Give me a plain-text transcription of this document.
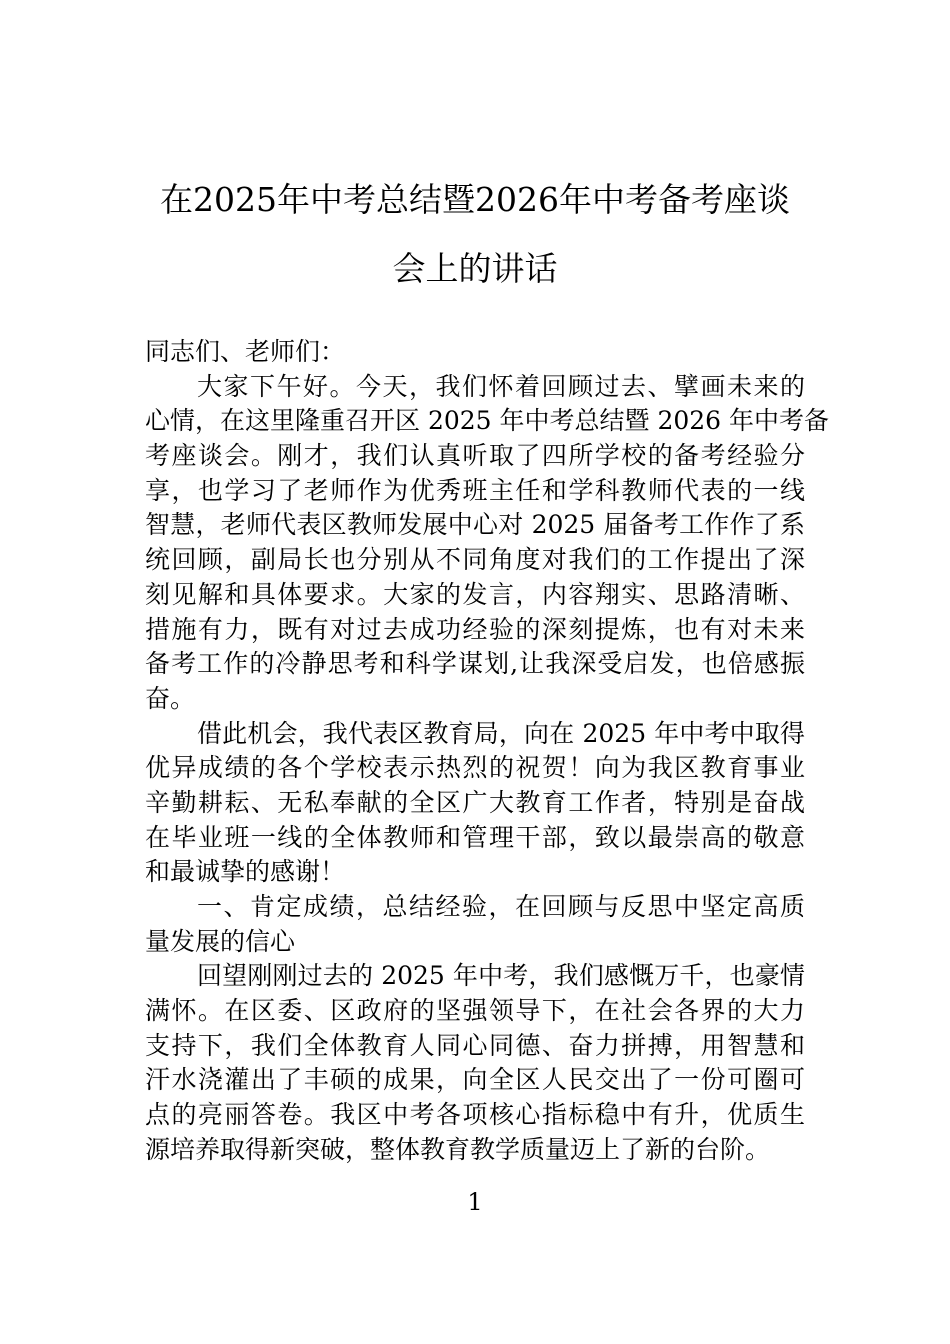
在2025年中考总结暨2026年中考备考座谈
会上的讲话
同志们、老师们：
大家下午好。今天，我们怀着回顾过去、擘画未来的
心情，在这里隆重召开区 2025 年中考总结暨 2026 年中考备
考座谈会。刚才，我们认真听取了四所学校的备考经验分
享，也学习了老师作为优秀班主任和学科教师代表的一线
智慧，老师代表区教师发展中心对 2025 届备考工作作了系
统回顾，副局长也分别从不同角度对我们的工作提出了深
刻见解和具体要求。大家的发言，内容翔实、思路清晰、
措施有力，既有对过去成功经验的深刻提炼，也有对未来
备考工作的冷静思考和科学谋划,让我深受启发，也倍感振
奋。
借此机会，我代表区教育局，向在 2025 年中考中取得
优异成绩的各个学校表示热烈的祝贺！向为我区教育事业
辛勤耕耘、无私奉献的全区广大教育工作者，特别是奋战
在毕业班一线的全体教师和管理干部，致以最崇高的敬意
和最诚挚的感谢！
一、肯定成绩，总结经验，在回顾与反思中坚定高质
量发展的信心
回望刚刚过去的 2025 年中考，我们感慨万千，也豪情
满怀。在区委、区政府的坚强领导下，在社会各界的大力
支持下，我们全体教育人同心同德、奋力拼搏，用智慧和
汗水浇灌出了丰硕的成果，向全区人民交出了一份可圈可
点的亮丽答卷。我区中考各项核心指标稳中有升，优质生
源培养取得新突破，整体教育教学质量迈上了新的台阶。
1
